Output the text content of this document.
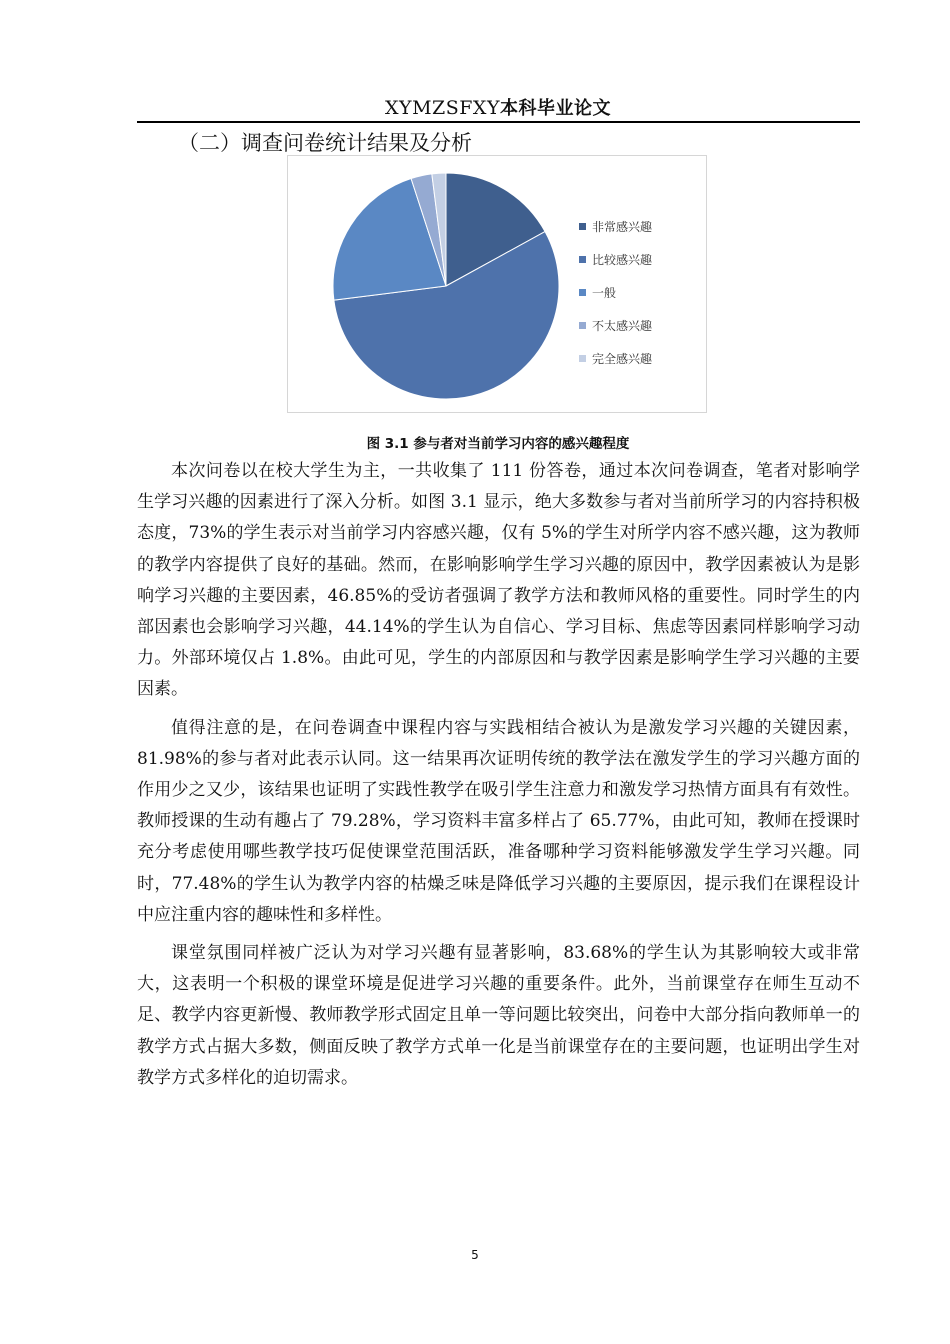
XYMZSFXY本科毕业论文
（二）调查问卷统计结果及分析
非常感兴趣
比较感兴趣
一般
不太感兴趣
完全感兴趣
图 3.1 参与者对当前学习内容的感兴趣程度

本次问卷以在校大学生为主，一共收集了 111 份答卷，通过本次问卷调查，笔者对影响学生学习兴趣的因素进行了深入分析。如图 3.1 显示，绝大多数参与者对当前所学习的内容持积极态度，73%的学生表示对当前学习内容感兴趣，仅有 5%的学生对所学内容不感兴趣，这为教师的教学内容提供了良好的基础。然而，在影响影响学生学习兴趣的原因中，教学因素被认为是影响学习兴趣的主要因素，46.85%的受访者强调了教学方法和教师风格的重要性。同时学生的内部因素也会影响学习兴趣，44.14%的学生认为自信心、学习目标、焦虑等因素同样影响学习动力。外部环境仅占 1.8%。由此可见，学生的内部原因和与教学因素是影响学生学习兴趣的主要因素。

值得注意的是，在问卷调查中课程内容与实践相结合被认为是激发学习兴趣的关键因素，81.98%的参与者对此表示认同。这一结果再次证明传统的教学法在激发学生的学习兴趣方面的作用少之又少，该结果也证明了实践性教学在吸引学生注意力和激发学习热情方面具有有效性。教师授课的生动有趣占了 79.28%，学习资料丰富多样占了 65.77%，由此可知，教师在授课时充分考虑使用哪些教学技巧促使课堂范围活跃，准备哪种学习资料能够激发学生学习兴趣。同时，77.48%的学生认为教学内容的枯燥乏味是降低学习兴趣的主要原因，提示我们在课程设计中应注重内容的趣味性和多样性。

课堂氛围同样被广泛认为对学习兴趣有显著影响，83.68%的学生认为其影响较大或非常大，这表明一个积极的课堂环境是促进学习兴趣的重要条件。此外，当前课堂存在师生互动不足、教学内容更新慢、教师教学形式固定且单一等问题比较突出，问卷中大部分指向教师单一的教学方式占据大多数，侧面反映了教学方式单一化是当前课堂存在的主要问题，也证明出学生对教学方式多样化的迫切需求。

5
